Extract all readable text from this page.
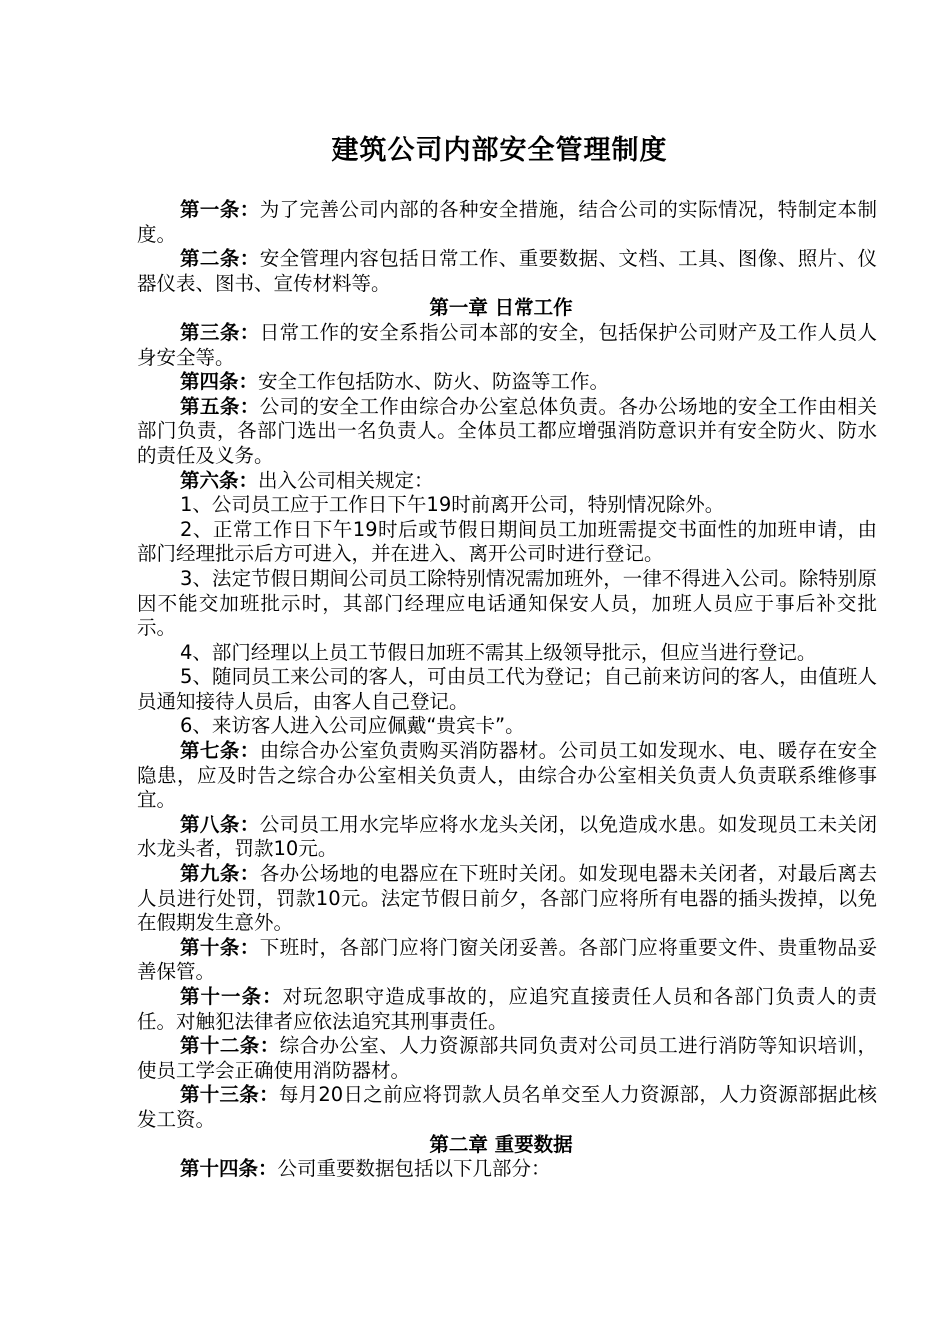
建筑公司内部安全管理制度

第一条：为了完善公司内部的各种安全措施，结合公司的实际情况，特制定本制度。

第二条：安全管理内容包括日常工作、重要数据、文档、工具、图像、照片、仪器仪表、图书、宣传材料等。

第一章 日常工作

第三条：日常工作的安全系指公司本部的安全，包括保护公司财产及工作人员人身安全等。

第四条：安全工作包括防水、防火、防盗等工作。

第五条：公司的安全工作由综合办公室总体负责。各办公场地的安全工作由相关部门负责，各部门选出一名负责人。全体员工都应增强消防意识并有安全防火、防水的责任及义务。

第六条：出入公司相关规定：

1、公司员工应于工作日下午19时前离开公司，特别情况除外。

2、正常工作日下午19时后或节假日期间员工加班需提交书面性的加班申请，由部门经理批示后方可进入，并在进入、离开公司时进行登记。

3、法定节假日期间公司员工除特别情况需加班外，一律不得进入公司。除特别原因不能交加班批示时，其部门经理应电话通知保安人员，加班人员应于事后补交批示。

4、部门经理以上员工节假日加班不需其上级领导批示，但应当进行登记。

5、随同员工来公司的客人，可由员工代为登记；自己前来访问的客人，由值班人员通知接待人员后，由客人自己登记。

6、来访客人进入公司应佩戴“贵宾卡”。

第七条：由综合办公室负责购买消防器材。公司员工如发现水、电、暖存在安全隐患，应及时告之综合办公室相关负责人，由综合办公室相关负责人负责联系维修事宜。

第八条：公司员工用水完毕应将水龙头关闭，以免造成水患。如发现员工未关闭水龙头者，罚款10元。

第九条：各办公场地的电器应在下班时关闭。如发现电器未关闭者，对最后离去人员进行处罚，罚款10元。法定节假日前夕，各部门应将所有电器的插头拨掉，以免在假期发生意外。

第十条：下班时，各部门应将门窗关闭妥善。各部门应将重要文件、贵重物品妥善保管。

第十一条：对玩忽职守造成事故的，应追究直接责任人员和各部门负责人的责任。对触犯法律者应依法追究其刑事责任。

第十二条：综合办公室、人力资源部共同负责对公司员工进行消防等知识培训，使员工学会正确使用消防器材。

第十三条：每月20日之前应将罚款人员名单交至人力资源部，人力资源部据此核发工资。

第二章 重要数据

第十四条：公司重要数据包括以下几部分：
